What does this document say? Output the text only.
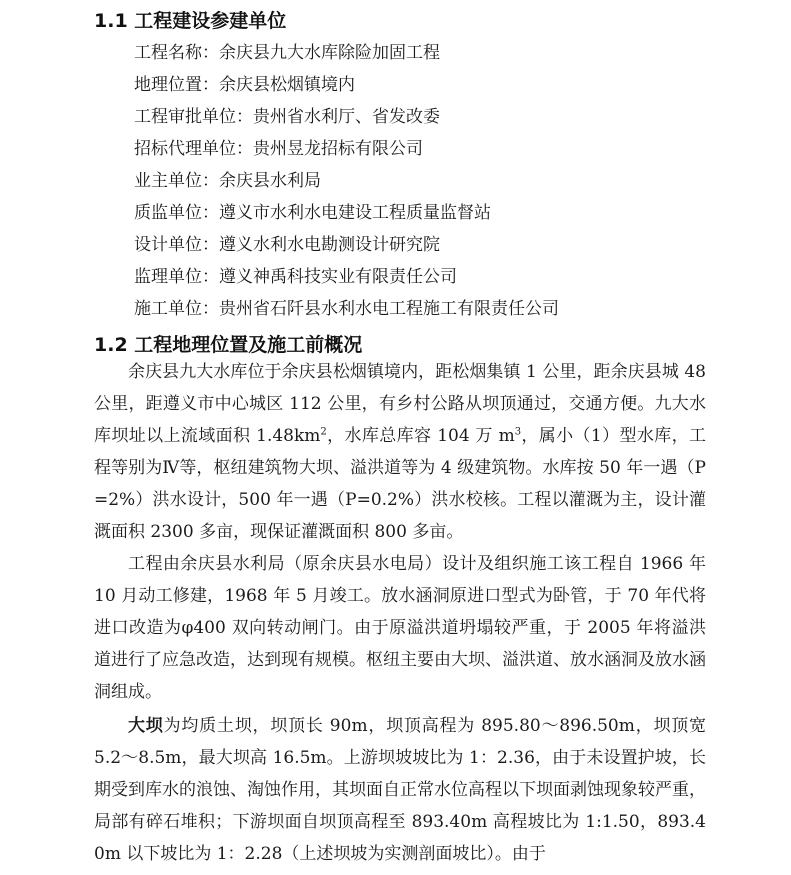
1.1 工程建设参建单位
工程名称：余庆县九大水库除险加固工程
地理位置：余庆县松烟镇境内
工程审批单位：贵州省水利厅、省发改委
招标代理单位：贵州昱龙招标有限公司
业主单位：余庆县水利局
质监单位：遵义市水利水电建设工程质量监督站
设计单位：遵义水利水电勘测设计研究院
监理单位：遵义神禹科技实业有限责任公司
施工单位：贵州省石阡县水利水电工程施工有限责任公司
1.2 工程地理位置及施工前概况

余庆县九大水库位于余庆县松烟镇境内，距松烟集镇 1 公里，距余庆县城 48 公里，距遵义市中心城区 112 公里，有乡村公路从坝顶通过，交通方便。九大水库坝址以上流域面积 $1.48km^2$，水库总库容 104 万 $m^3$，属小（1）型水库，工程等别为Ⅳ等，枢纽建筑物大坝、溢洪道等为 4 级建筑物。水库按 50 年一遇（P=2%）洪水设计，500 年一遇（P=0.2%）洪水校核。工程以灌溉为主，设计灌溉面积 2300 多亩，现保证灌溉面积 800 多亩。

工程由余庆县水利局（原余庆县水电局）设计及组织施工该工程自 1966 年 10 月动工修建，1968 年 5 月竣工。放水涵洞原进口型式为卧管，于 70 年代将进口改造为φ400 双向转动闸门。由于原溢洪道坍塌较严重，于 2005 年将溢洪道进行了应急改造，达到现有规模。枢纽主要由大坝、溢洪道、放水涵洞及放水涵洞组成。

大坝为均质土坝，坝顶长 90m，坝顶高程为 895.80～896.50m，坝顶宽 5.2～8.5m，最大坝高 16.5m。上游坝坡坡比为 1：2.36，由于未设置护坡，长期受到库水的浪蚀、淘蚀作用，其坝面自正常水位高程以下坝面剥蚀现象较严重，局部有碎石堆积；下游坝面自坝顶高程至 893.40m 高程坡比为 1:1.50，893.40m 以下坡比为 1：2.28（上述坝坡为实测剖面坡比）。由于
